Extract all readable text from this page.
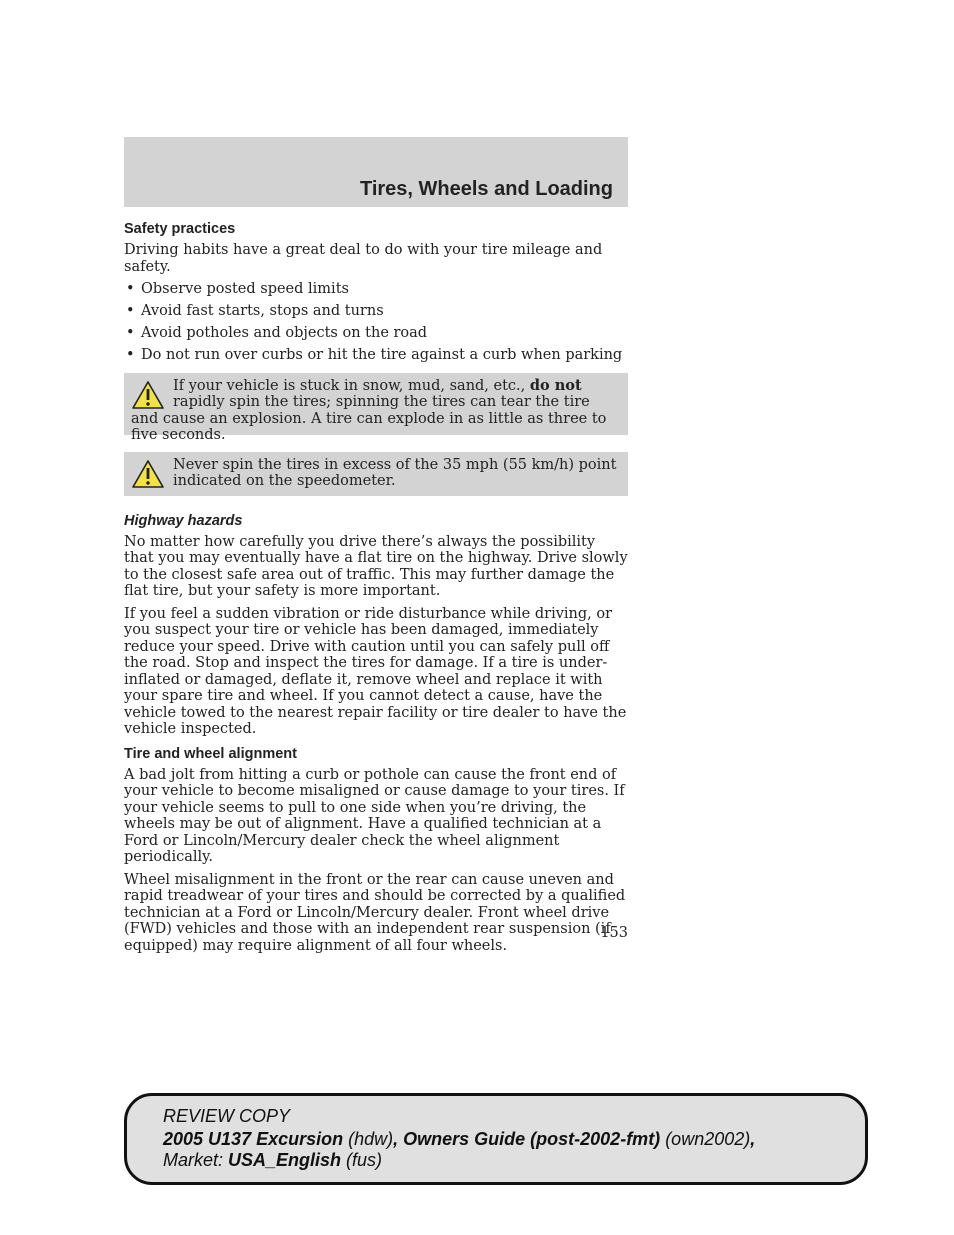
Tires, Wheels and Loading
Safety practices

Driving habits have a great deal to do with your tire mileage and safety.

• Observe posted speed limits
• Avoid fast starts, stops and turns
• Avoid potholes and objects on the road
• Do not run over curbs or hit the tire against a curb when parking
If your vehicle is stuck in snow, mud, sand, etc., do not rapidly spin the tires; spinning the tires can tear the tire and cause an explosion. A tire can explode in as little as three to five seconds.
Never spin the tires in excess of the 35 mph (55 km/h) point indicated on the speedometer.
Highway hazards

No matter how carefully you drive there’s always the possibility that you may eventually have a flat tire on the highway. Drive slowly to the closest safe area out of traffic. This may further damage the flat tire, but your safety is more important.

If you feel a sudden vibration or ride disturbance while driving, or you suspect your tire or vehicle has been damaged, immediately reduce your speed. Drive with caution until you can safely pull off the road. Stop and inspect the tires for damage. If a tire is under-inflated or damaged, deflate it, remove wheel and replace it with your spare tire and wheel. If you cannot detect a cause, have the vehicle towed to the nearest repair facility or tire dealer to have the vehicle inspected.

Tire and wheel alignment

A bad jolt from hitting a curb or pothole can cause the front end of your vehicle to become misaligned or cause damage to your tires. If your vehicle seems to pull to one side when you’re driving, the wheels may be out of alignment. Have a qualified technician at a Ford or Lincoln/Mercury dealer check the wheel alignment periodically.

Wheel misalignment in the front or the rear can cause uneven and rapid treadwear of your tires and should be corrected by a qualified technician at a Ford or Lincoln/Mercury dealer. Front wheel drive (FWD) vehicles and those with an independent rear suspension (if equipped) may require alignment of all four wheels.

153
REVIEW COPY
2005 U137 Excursion (hdw), Owners Guide (post-2002-fmt) (own2002),
Market: USA_English (fus)
